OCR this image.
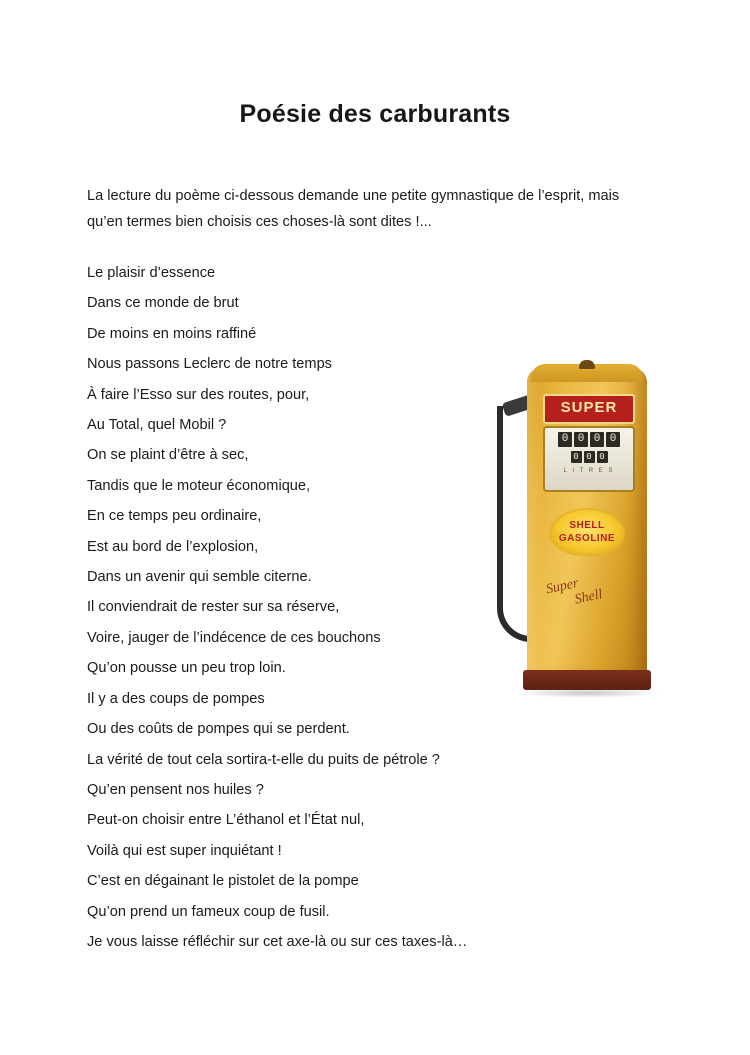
Poésie des carburants
La lecture du poème ci-dessous demande une petite gymnastique de l’esprit, mais qu’en termes bien choisis ces choses-là sont dites !...
Le plaisir d’essence
Dans ce monde de brut
De moins en moins raffiné
Nous passons Leclerc de notre temps
À faire l’Esso sur des routes, pour,
Au Total, quel Mobil ?
On se plaint d’être à sec,
Tandis que le moteur économique,
En ce temps peu ordinaire,
Est au bord de l’explosion,
Dans un avenir qui semble citerne.
Il conviendrait de rester sur sa réserve,
Voire, jauger de l’indécence de ces bouchons
Qu’on pousse un peu trop loin.
Il y a des coups de pompes
Ou des coûts de pompes qui se perdent.
La vérité de tout cela sortira-t-elle du puits de pétrole ?
Qu’en pensent nos huiles ?
Peut-on choisir entre L’éthanol et l’État nul,
Voilà qui est super inquiétant !
C’est en dégainant le pistolet de la pompe
Qu’on prend un fameux coup de fusil.
Je vous laisse réfléchir sur cet axe-là ou sur ces taxes-là…
SUPER
0 0 0 0
0 0 0
L I T R E S
SHELL
GASOLINE
Super
Shell
